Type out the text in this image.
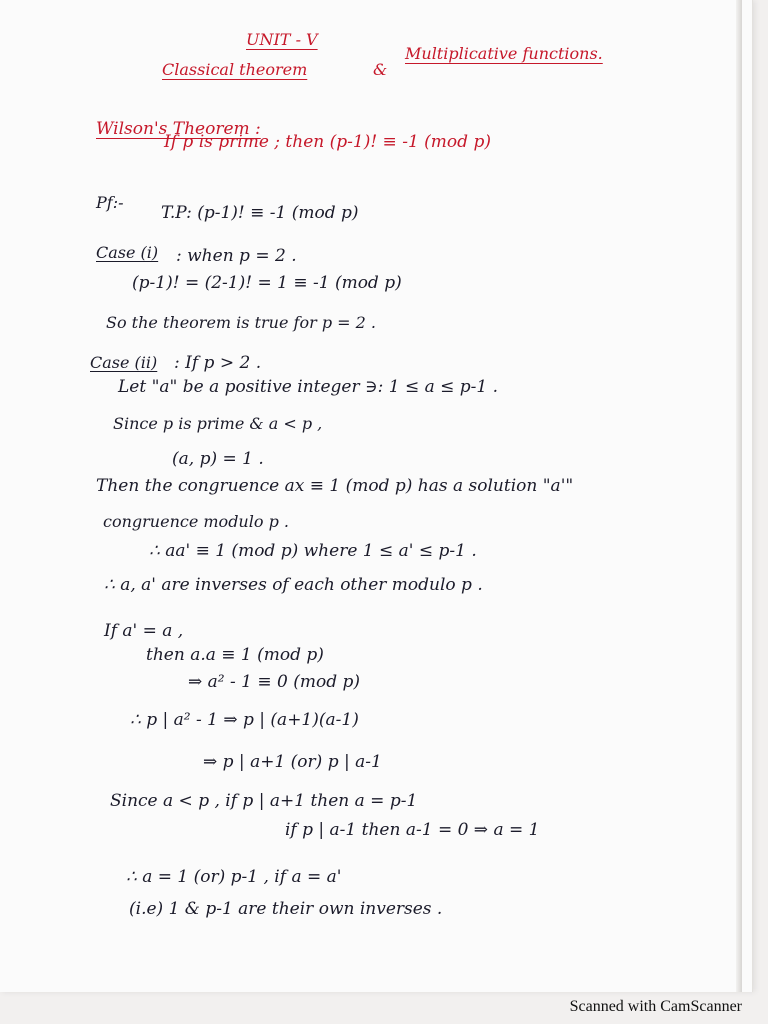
UNIT - V
Classical theorem	&
Multiplicative functions.
Wilson's Theorem :
If p is prime ; then (p-1)! ≡ -1 (mod p)
Pf:-
T.P: (p-1)! ≡ -1 (mod p)
Case (i) : when p = 2 .
(p-1)! = (2-1)! = 1 ≡ -1 (mod p)
So the theorem is true for p = 2 .
Case (ii) : If p > 2 .
Let "a" be a positive integer ∋: 1 ≤ a ≤ p-1 .
Since p is prime & a < p ,
(a, p) = 1 .
Then the congruence ax ≡ 1 (mod p) has a solution "a'"
congruence modulo p .
∴ aa' ≡ 1 (mod p) where 1 ≤ a' ≤ p-1 .
∴ a, a' are inverses of each other modulo p .
If a' = a ,
then a.a ≡ 1 (mod p)
⇒ a² - 1 ≡ 0 (mod p)
∴ p | a² - 1 ⇒ p | (a+1)(a-1)
⇒ p | a+1 (or) p | a-1
Since a < p , if p | a+1 then a = p-1
if p | a-1 then a-1 = 0 ⇒ a = 1
∴ a = 1 (or) p-1 , if a = a'
(i.e) 1 & p-1 are their own inverses .
Scanned with CamScanner
